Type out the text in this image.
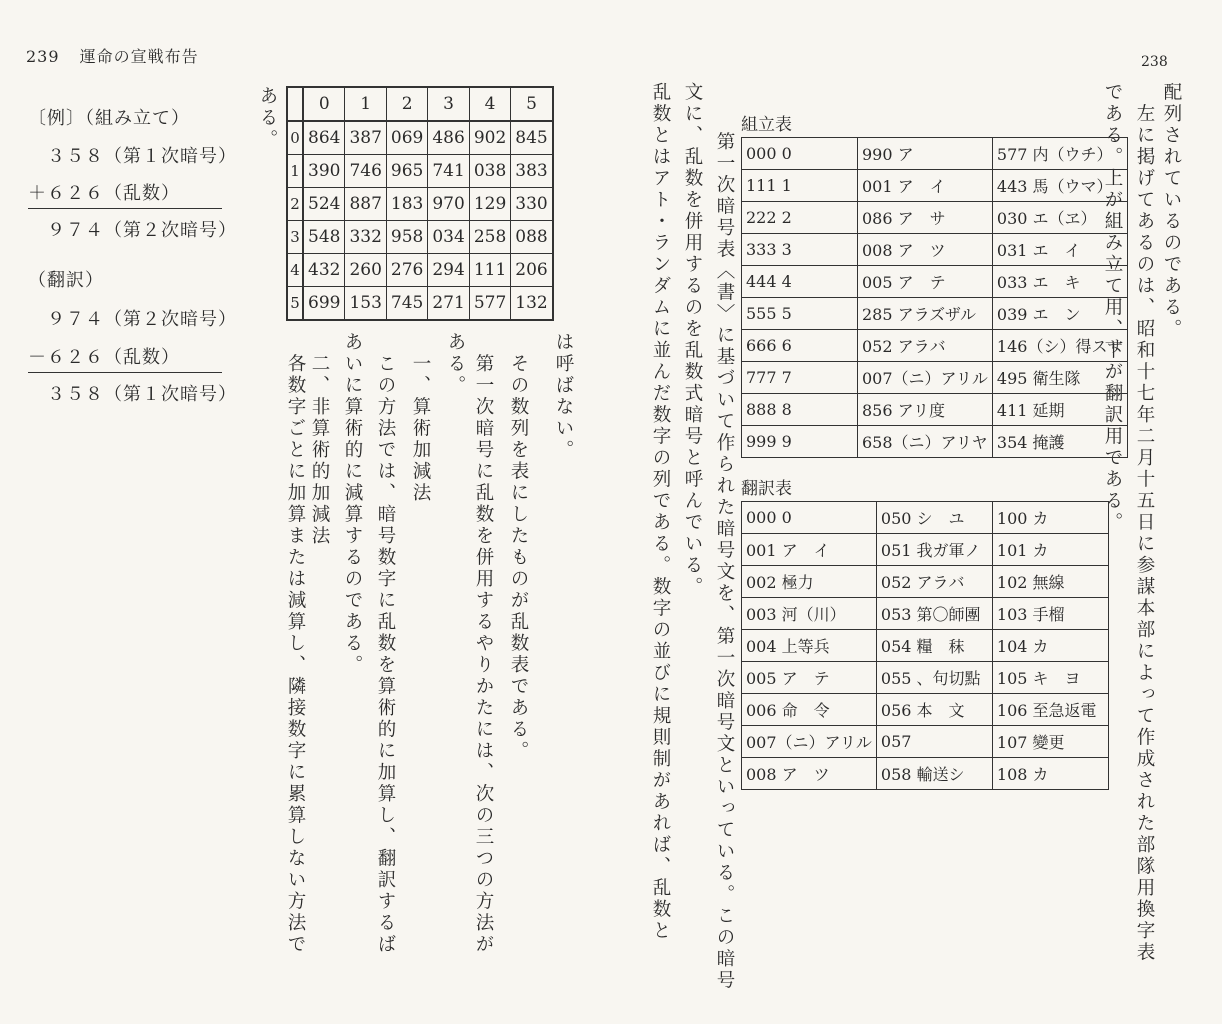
239 運命の宣戦布告
〔例〕（組み立て）
　３５８（第１次暗号）
＋６２６（乱数）
　９７４（第２次暗号）
（翻訳）
　９７４（第２次暗号）
－６２６（乱数）
　３５８（第１次暗号）
ある。
	0	1	2	3	4	5
0	864	387	069	486	902	845
1	390	746	965	741	038	383
2	524	887	183	970	129	330
3	548	332	958	034	258	088
4	432	260	276	294	111	206
5	699	153	745	271	577	132
は呼ばない。
　その数列を表にしたものが乱数表である。
　第一次暗号に乱数を併用するやりかたには、次の三つの方法が
ある。
　一、算術加減法
　この方法では、暗号数字に乱数を算術的に加算し、翻訳するば
あいに算術的に減算するのである。
　二、非算術的加減法
　各数字ごとに加算または減算し、隣接数字に累算しない方法で
238
配列されているのである。
　左に掲げてあるのは、昭和十七年二月十五日に参謀本部によって作成された部隊用換字表
である。上が組み立て用、下が翻訳用である。
組立表
000 0	990 ア	577 内（ウチ）
111 1	001 ア　イ	443 馬（ウマ）
222 2	086 ア　サ	030 エ（ヱ）
333 3	008 ア　ツ	031 エ　イ
444 4	005 ア　テ	033 エ　キ
555 5	285 アラズザル	039 エ　ン
666 6	052 アラバ	146（シ）得スサ
777 7	007（ニ）アリル	495 衛生隊
888 8	856 アリ度	411 延期
999 9	658（ニ）アリヤ	354 掩護
翻訳表
000 0	050 シ　ユ	100 カ
001 ア　イ	051 我ガ軍ノ	101 カ
002 極力	052 アラバ	102 無線
003 河（川）	053 第〇師團	103 手榴
004 上等兵	054 糧　秣	104 カ
005 ア　テ	055 、句切點	105 キ　ヨ
006 命　令	056 本　文	106 至急返電
007（ニ）アリル	057	107 變更
008 ア　ツ	058 輸送シ	108 カ
　第一次暗号表〈書〉に基づいて作られた暗号文を、第一次暗号文といっている。この暗号
文に、乱数を併用するのを乱数式暗号と呼んでいる。
乱数とはアト・ランダムに並んだ数字の列である。数字の並びに規則制があれば、乱数と
